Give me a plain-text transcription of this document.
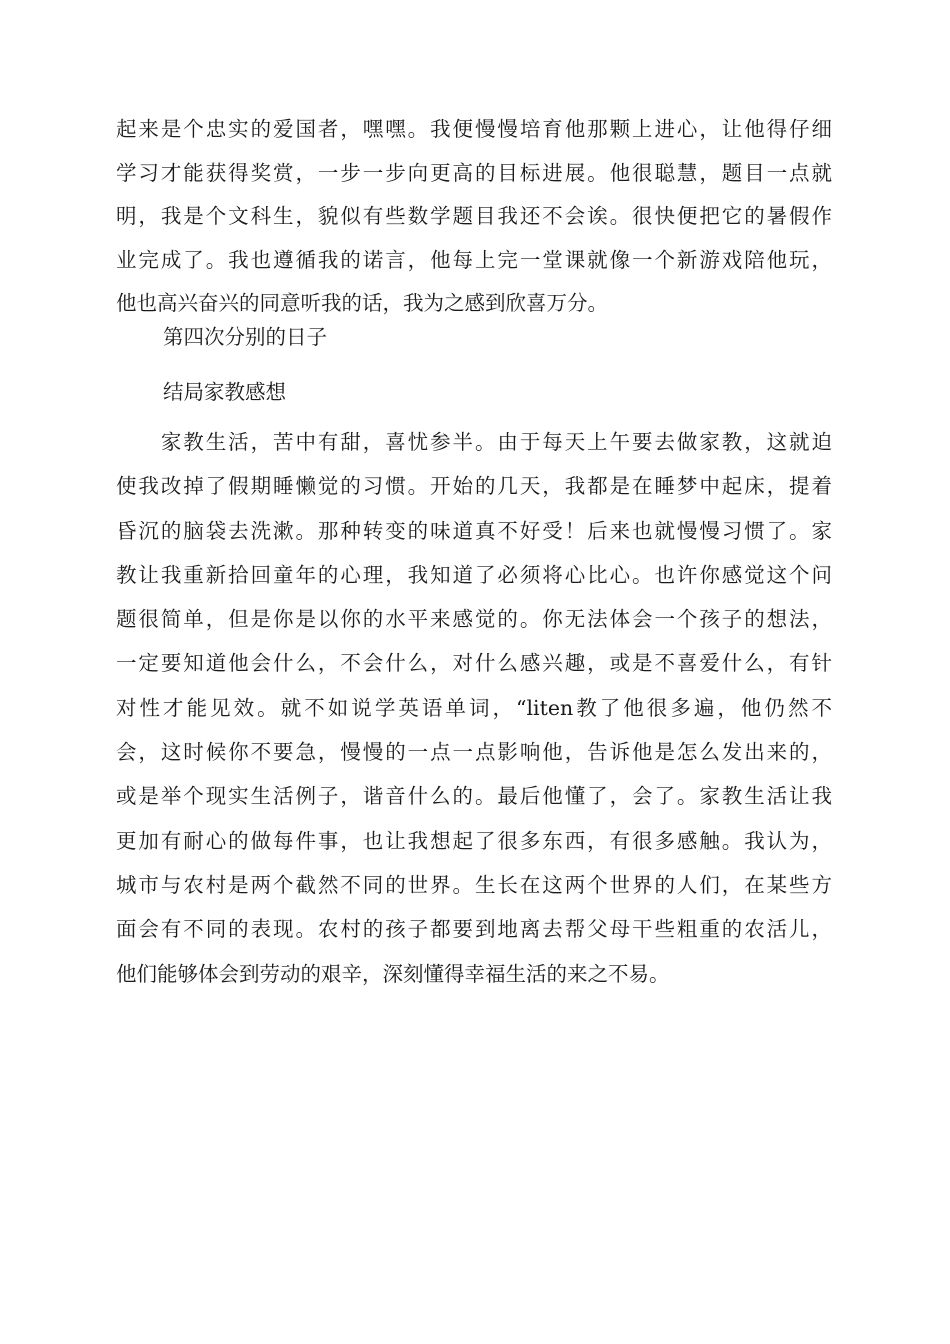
起来是个忠实的爱国者，嘿嘿。我便慢慢培育他那颗上进心，让他得仔细
学习才能获得奖赏，一步一步向更高的目标进展。他很聪慧，题目一点就
明，我是个文科生，貌似有些数学题目我还不会诶。很快便把它的暑假作
业完成了。我也遵循我的诺言，他每上完一堂课就像一个新游戏陪他玩，
他也高兴奋兴的同意听我的话，我为之感到欣喜万分。
第四次分别的日子
结局家教感想
　　家教生活，苦中有甜，喜忧参半。由于每天上午要去做家教，这就迫
使我改掉了假期睡懒觉的习惯。开始的几天，我都是在睡梦中起床，提着
昏沉的脑袋去洗漱。那种转变的味道真不好受！后来也就慢慢习惯了。家
教让我重新拾回童年的心理，我知道了必须将心比心。也许你感觉这个问
题很简单，但是你是以你的水平来感觉的。你无法体会一个孩子的想法，
一定要知道他会什么，不会什么，对什么感兴趣，或是不喜爱什么，有针
对性才能见效。就不如说学英语单词，“liten教了他很多遍，他仍然不
会，这时候你不要急，慢慢的一点一点影响他，告诉他是怎么发出来的，
或是举个现实生活例子，谐音什么的。最后他懂了，会了。家教生活让我
更加有耐心的做每件事，也让我想起了很多东西，有很多感触。我认为，
城市与农村是两个截然不同的世界。生长在这两个世界的人们，在某些方
面会有不同的表现。农村的孩子都要到地离去帮父母干些粗重的农活儿，
他们能够体会到劳动的艰辛，深刻懂得幸福生活的来之不易。
